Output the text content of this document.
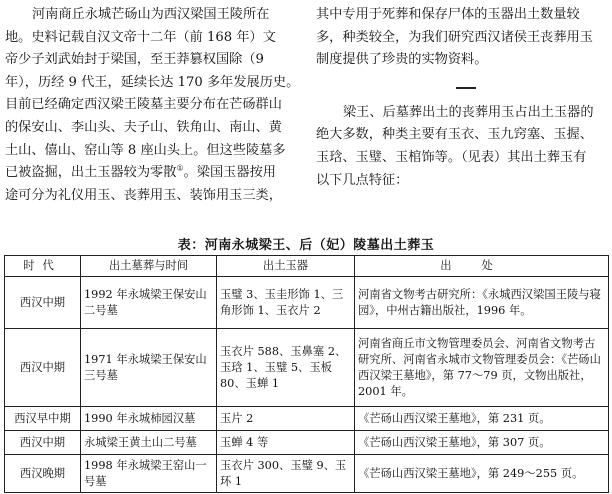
河南商丘永城芒砀山为西汉梁国王陵所在
地。史料记载自汉文帝十二年（前 168 年）文
帝少子刘武始封于梁国，至王莽篡权国除（9
年），历经 9 代王，延续长达 170 多年发展历史。
目前已经确定西汉梁王陵墓主要分布在芒砀群山
的保安山、李山头、夫子山、铁角山、南山、黄
土山、僖山、窑山等 8 座山头上。但这些陵墓多
已被盗掘，出土玉器较为零散①。梁国玉器按用
途可分为礼仪用玉、丧葬用玉、装饰用玉三类，

其中专用于死葬和保存尸体的玉器出土数量较
多，种类较全，为我们研究西汉诸侯王丧葬用玉
制度提供了珍贵的实物资料。

梁王、后墓葬出土的丧葬用玉占出土玉器的
绝大多数，种类主要有玉衣、玉九窍塞、玉握、
玉琀、玉璧、玉棺饰等。（见表）其出土葬玉有
以下几点特征：

表：河南永城梁王、后（妃）陵墓出土葬玉
时代	出土墓葬与时间	出土玉器	出处
西汉中期	1992 年永城梁王保安山二号墓	玉璧 3、玉圭形饰 1、三角形饰 1、玉衣片 2	河南省文物考古研究所：《永城西汉梁国王陵与寝园》，中州古籍出版社，1996 年。
西汉中期	1971 年永城梁王保安山三号墓	玉衣片 588、玉鼻塞 2、玉琀 1、玉璧 5、玉板 80、玉蝉 1	河南省商丘市文物管理委员会、河南省文物考古研究所、河南省永城市文物管理委员会：《芒砀山西汉梁王墓地》，第 77～79 页，文物出版社，2001 年。
西汉早中期	1990 年永城柿园汉墓	玉片 2	《芒砀山西汉梁王墓地》，第 231 页。
西汉中期	永城梁王黄土山二号墓	玉蝉 4 等	《芒砀山西汉梁王墓地》，第 307 页。
西汉晚期	1998 年永城梁王窑山一号墓	玉衣片 300、玉璧 9、玉环 1	《芒砀山西汉梁王墓地》，第 249～255 页。
